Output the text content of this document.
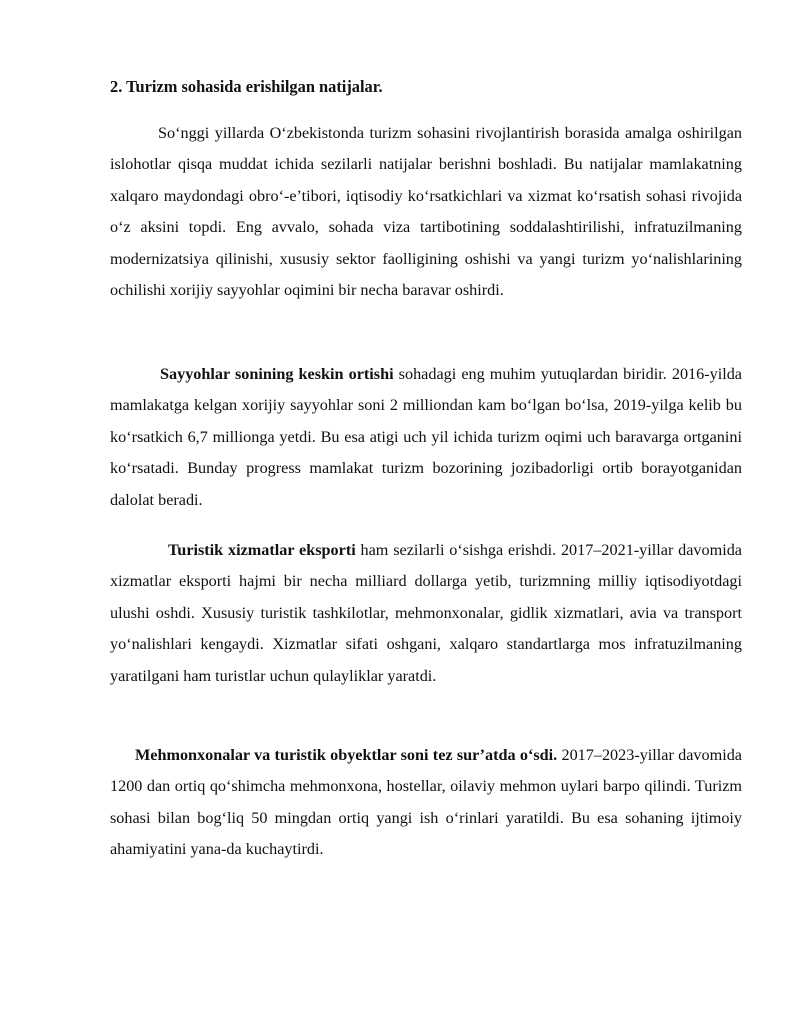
2. Turizm sohasida erishilgan natijalar.

So‘nggi yillarda O‘zbekistonda turizm sohasini rivojlantirish borasida amalga oshirilgan islohotlar qisqa muddat ichida sezilarli natijalar berishni boshladi. Bu natijalar mamlakatning xalqaro maydondagi obro‘-e’tibori, iqtisodiy ko‘rsatkichlari va xizmat ko‘rsatish sohasi rivojida o‘z aksini topdi. Eng avvalo, sohada viza tartibotining soddalashtirilishi, infratuzilmaning modernizatsiya qilinishi, xususiy sektor faolligining oshishi va yangi turizm yo‘nalishlarining ochilishi xorijiy sayyohlar oqimini bir necha baravar oshirdi.

Sayyohlar sonining keskin ortishi sohadagi eng muhim yutuqlardan biridir. 2016-yilda mamlakatga kelgan xorijiy sayyohlar soni 2 milliondan kam bo‘lgan bo‘lsa, 2019-yilga kelib bu ko‘rsatkich 6,7 millionga yetdi. Bu esa atigi uch yil ichida turizm oqimi uch baravarga ortganini ko‘rsatadi. Bunday progress mamlakat turizm bozorining jozibadorligi ortib borayotganidan dalolat beradi.

Turistik xizmatlar eksporti ham sezilarli o‘sishga erishdi. 2017–2021-yillar davomida xizmatlar eksporti hajmi bir necha milliard dollarga yetib, turizmning milliy iqtisodiyotdagi ulushi oshdi. Xususiy turistik tashkilotlar, mehmonxonalar, gidlik xizmatlari, avia va transport yo‘nalishlari kengaydi. Xizmatlar sifati oshgani, xalqaro standartlarga mos infratuzilmaning yaratilgani ham turistlar uchun qulayliklar yaratdi.

Mehmonxonalar va turistik obyektlar soni tez sur’atda o‘sdi. 2017–2023-yillar davomida 1200 dan ortiq qo‘shimcha mehmonxona, hostellar, oilaviy mehmon uylari barpo qilindi. Turizm sohasi bilan bog‘liq 50 mingdan ortiq yangi ish o‘rinlari yaratildi. Bu esa sohaning ijtimoiy ahamiyatini yana-da kuchaytirdi.
